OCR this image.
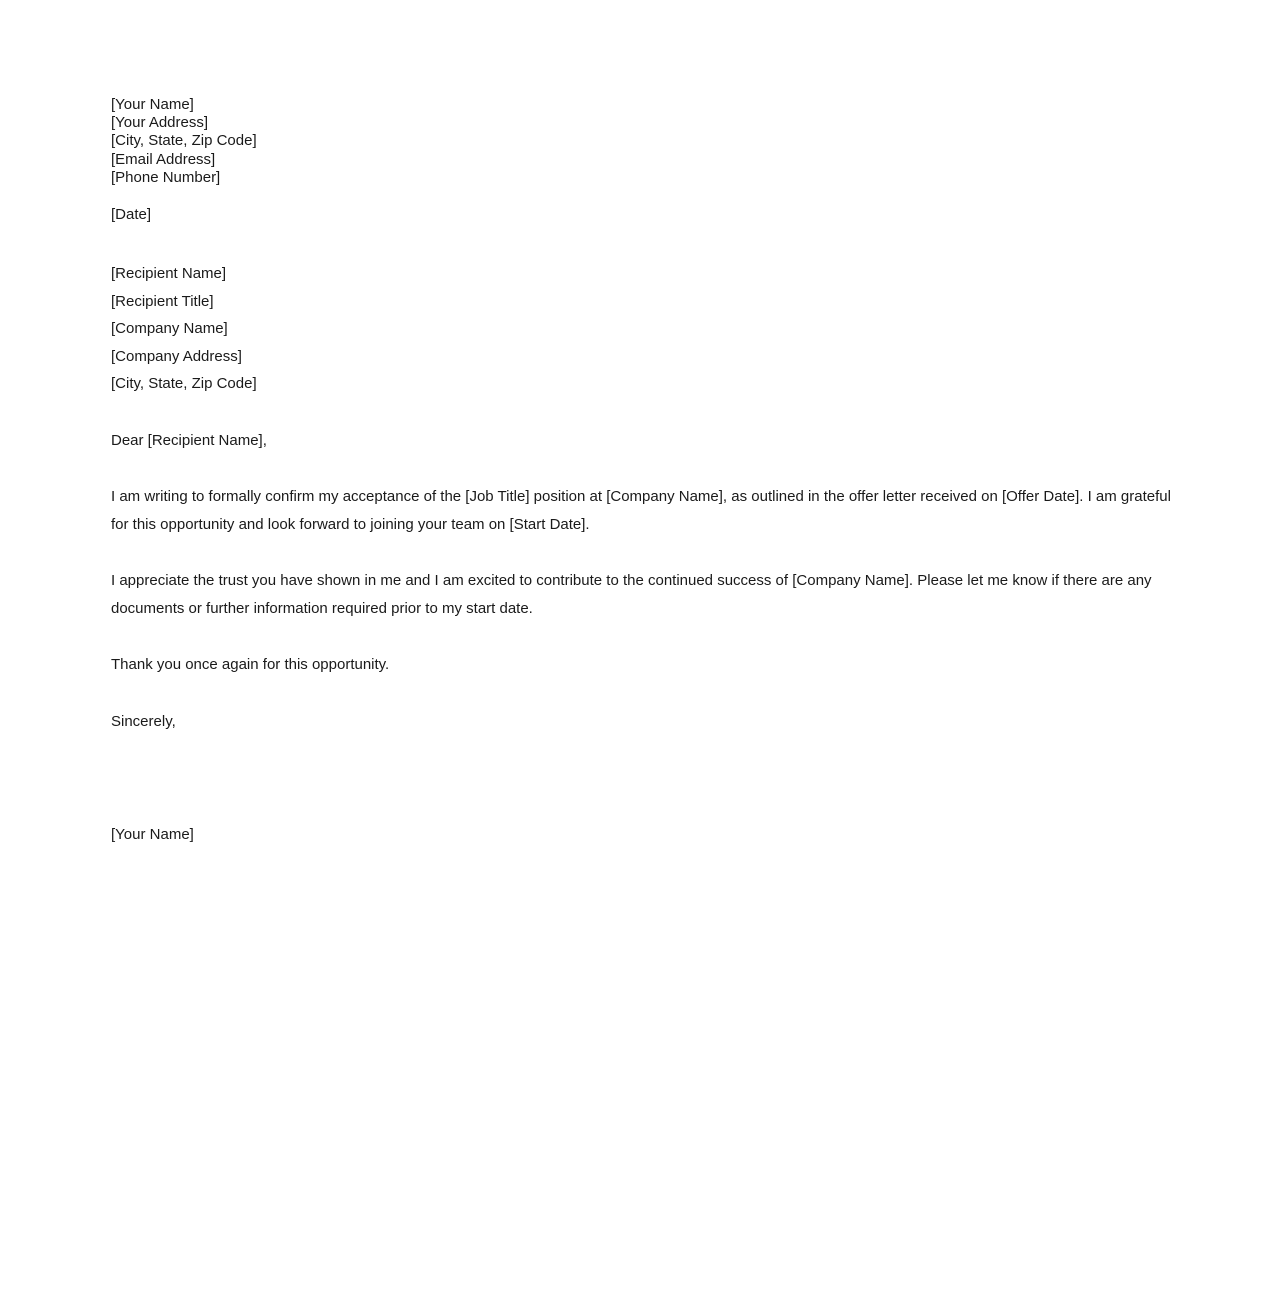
[Your Name]
[Your Address]
[City, State, Zip Code]
[Email Address]
[Phone Number]
[Date]
[Recipient Name]
[Recipient Title]
[Company Name]
[Company Address]
[City, State, Zip Code]
Dear [Recipient Name],

I am writing to formally confirm my acceptance of the [Job Title] position at [Company Name], as outlined in the offer letter received on [Offer Date]. I am grateful for this opportunity and look forward to joining your team on [Start Date].

I appreciate the trust you have shown in me and I am excited to contribute to the continued success of [Company Name]. Please let me know if there are any documents or further information required prior to my start date.

Thank you once again for this opportunity.

Sincerely,
[Your Name]
